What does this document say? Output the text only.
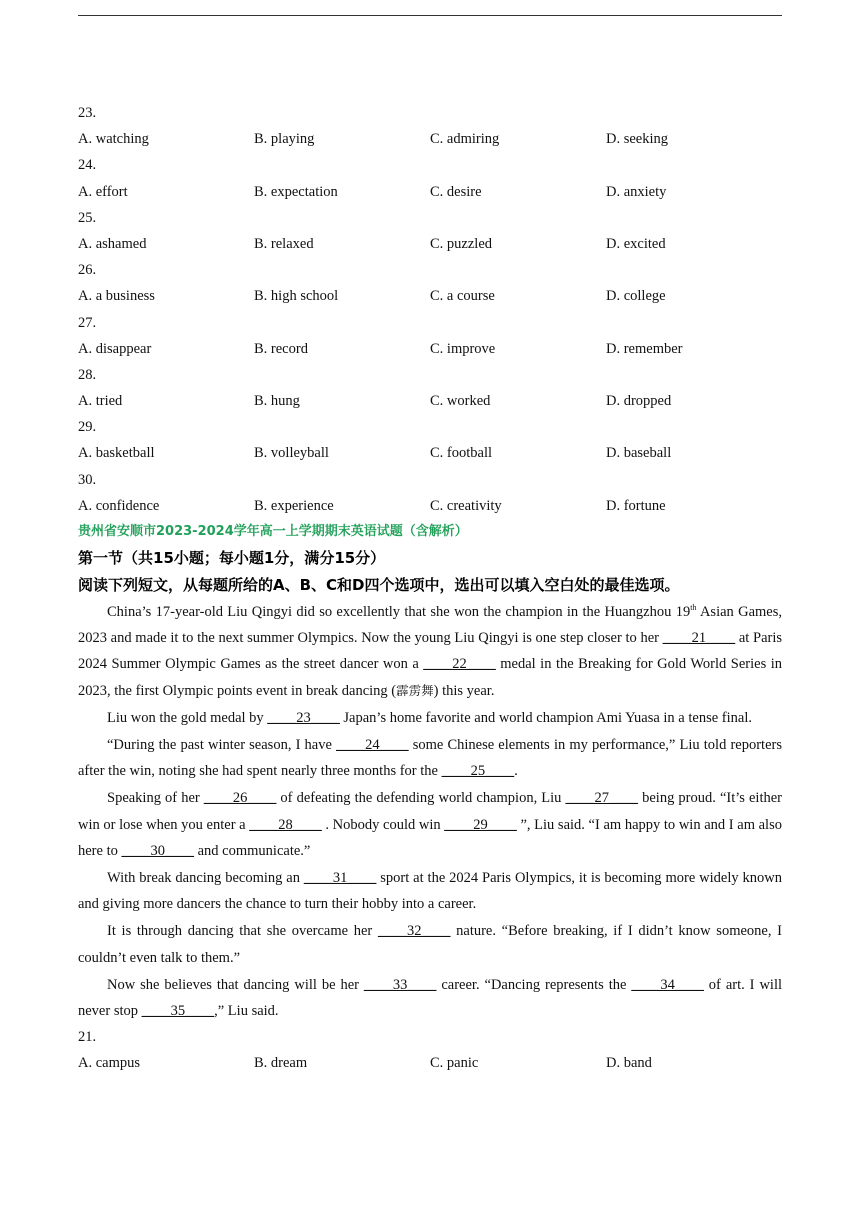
23.
A. watching	B. playing	C. admiring	D. seeking
24.
A. effort	B. expectation	C. desire	D. anxiety
25.
A. ashamed	B. relaxed	C. puzzled	D. excited
26.
A. a business	B. high school	C. a course	D. college
27.
A. disappear	B. record	C. improve	D. remember
28.
A. tried	B. hung	C. worked	D. dropped
29.
A. basketball	B. volleyball	C. football	D. baseball
30.
A. confidence	B. experience	C. creativity	D. fortune
贵州省安顺市2023-2024学年高一上学期期末英语试题（含解析）
第一节（共15小题；每小题1分，满分15分）
阅读下列短文，从每题所给的A、B、C和D四个选项中，选出可以填入空白处的最佳选项。

China’s 17-year-old Liu Qingyi did so excellently that she won the champion in the Huangzhou 19th Asian Games, 2023 and made it to the next summer Olympics. Now the young Liu Qingyi is one step closer to her ____21____ at Paris 2024 Summer Olympic Games as the street dancer won a ____22____ medal in the Breaking for Gold World Series in 2023, the first Olympic points event in break dancing (霹雳舞) this year.

Liu won the gold medal by ____23____ Japan’s home favorite and world champion Ami Yuasa in a tense final.

“During the past winter season, I have ____24____ some Chinese elements in my performance,” Liu told reporters after the win, noting she had spent nearly three months for the ____25____.

Speaking of her ____26____ of defeating the defending world champion, Liu ____27____ being proud. “It’s either win or lose when you enter a ____28____ . Nobody could win ____29____ ”, Liu said. “I am happy to win and I am also here to ____30____ and communicate.”

With break dancing becoming an ____31____ sport at the 2024 Paris Olympics, it is becoming more widely known and giving more dancers the chance to turn their hobby into a career.

It is through dancing that she overcame her ____32____ nature. “Before breaking, if I didn’t know someone, I couldn’t even talk to them.”

Now she believes that dancing will be her ____33____ career. “Dancing represents the ____34____ of art. I will never stop ____35____,” Liu said.

21.
A. campus	B. dream	C. panic	D. band
